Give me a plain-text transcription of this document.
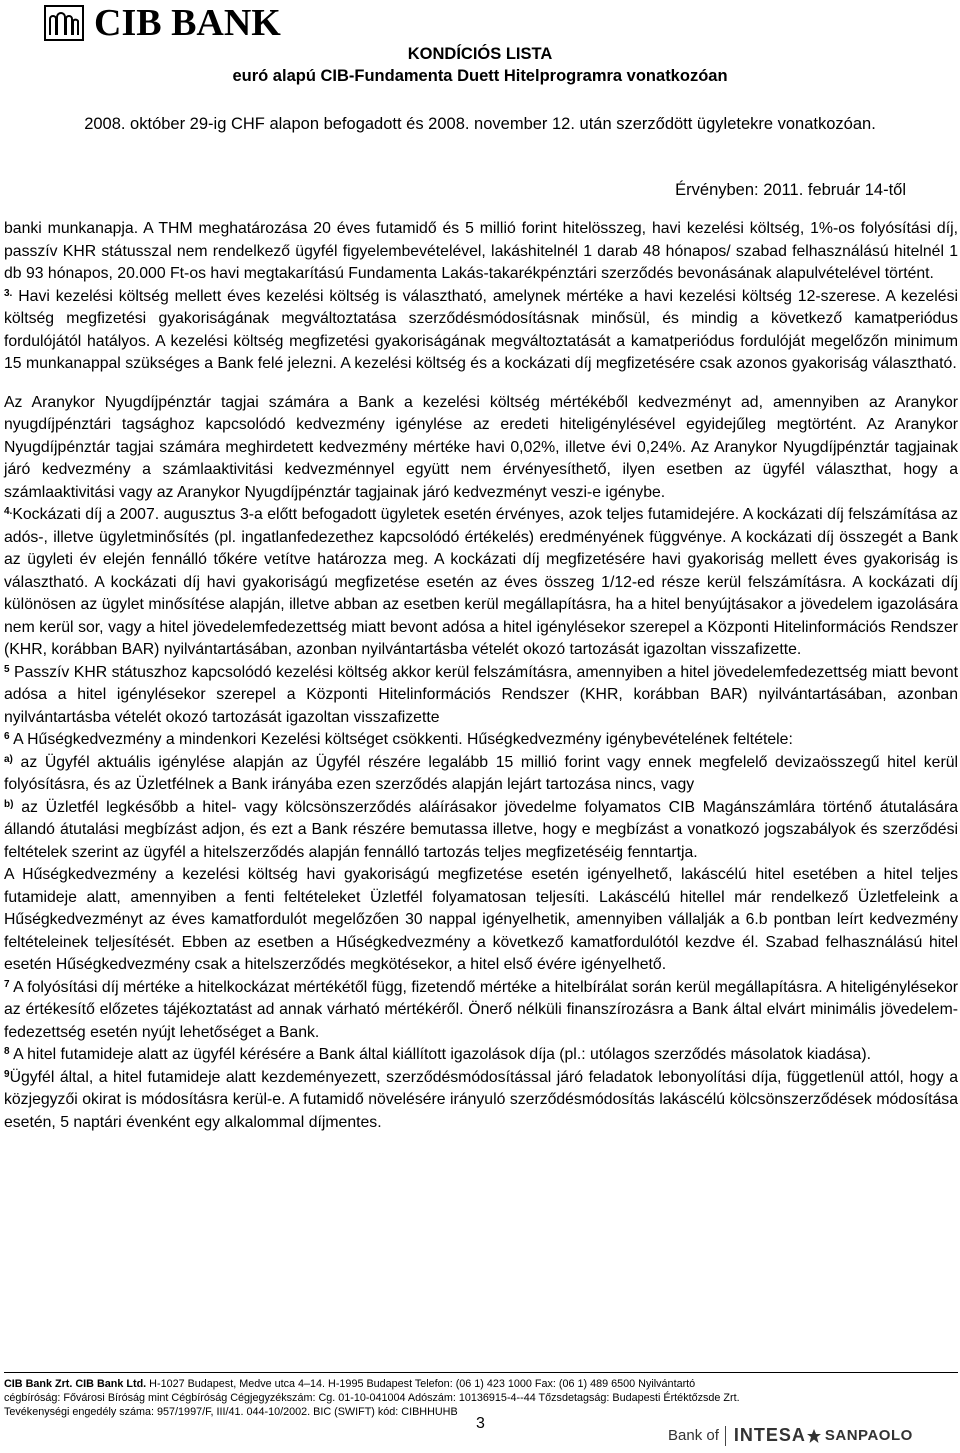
CIB BANK
KONDÍCIÓS LISTA
euró alapú CIB-Fundamenta Duett Hitelprogramra vonatkozóan
2008. október 29-ig CHF alapon befogadott és 2008. november 12. után szerződött ügyletekre vonatkozóan.
Érvényben: 2011. február 14-től

banki munkanapja. A THM meghatározása 20 éves futamidő és 5 millió forint hitelösszeg, havi kezelési költség, 1%-os folyósítási díj, passzív KHR státusszal nem rendelkező ügyfél figyelembevételével, lakáshitelnél 1 darab 48 hónapos/ szabad felhasználású hitelnél 1 db 93 hónapos, 20.000 Ft-os havi megtakarítású Fundamenta Lakás-takarékpénztári szerződés bevonásának alapulvételével történt.

$^{3.}$ Havi kezelési költség mellett éves kezelési költség is választható, amelynek mértéke a havi kezelési költség 12-szerese. A kezelési költség megfizetési gyakoriságának megváltoztatása szerződésmódosításnak minősül, és mindig a következő kamatperiódus fordulójától hatályos. A kezelési költség megfizetési gyakoriságának megváltoztatását a kamatperiódus fordulóját megelőzőn minimum 15 munkanappal szükséges a Bank felé jelezni. A kezelési költség és a kockázati díj megfizetésére csak azonos gyakoriság választható.

Az Aranykor Nyugdíjpénztár tagjai számára a Bank a kezelési költség mértékéből kedvezményt ad, amennyiben az Aranykor nyugdíjpénztári tagsághoz kapcsolódó kedvezmény igénylése az eredeti hiteligénylésével egyidejűleg megtörtént. Az Aranykor Nyugdíjpénztár tagjai számára meghirdetett kedvezmény mértéke havi 0,02%, illetve évi 0,24%. Az Aranykor Nyugdíjpénztár tagjainak járó kedvezmény a számlaaktivitási kedvezménnyel együtt nem érvényesíthető, ilyen esetben az ügyfél választhat, hogy a számlaaktivitási vagy az Aranykor Nyugdíjpénztár tagjainak járó kedvezményt veszi-e igénybe.

$^{4.}$Kockázati díj a 2007. augusztus 3-a előtt befogadott ügyletek esetén érvényes, azok teljes futamidejére. A kockázati díj felszámítása az adós-, illetve ügyletminősítés (pl. ingatlanfedezethez kapcsolódó értékelés) eredményének függvénye. A kockázati díj összegét a Bank az ügyleti év elején fennálló tőkére vetítve határozza meg. A kockázati díj megfizetésére havi gyakoriság mellett éves gyakoriság is választható. A kockázati díj havi gyakoriságú megfizetése esetén az éves összeg 1/12-ed része kerül felszámításra. A kockázati díj különösen az ügylet minősítése alapján, illetve abban az esetben kerül megállapításra, ha a hitel benyújtásakor a jövedelem igazolására nem kerül sor, vagy a hitel jövedelemfedezettség miatt bevont adósa a hitel igénylésekor szerepel a Központi Hitelinformációs Rendszer (KHR, korábban BAR) nyilvántartásában, azonban nyilvántartásba vételét okozó tartozását igazoltan visszafizette.

$^5$ Passzív KHR státuszhoz kapcsolódó kezelési költség akkor kerül felszámításra, amennyiben a hitel jövedelemfedezettség miatt bevont adósa a hitel igénylésekor szerepel a Központi Hitelinformációs Rendszer (KHR, korábban BAR) nyilvántartásában, azonban nyilvántartásba vételét okozó tartozását igazoltan visszafizette

$^6$ A Hűségkedvezmény a mindenkori Kezelési költséget csökkenti. Hűségkedvezmény igénybevételének feltétele:

$^{a)}$ az Ügyfél aktuális igénylése alapján az Ügyfél részére legalább 15 millió forint vagy ennek megfelelő devizaösszegű hitel kerül folyósításra, és az Üzletfélnek a Bank irányába ezen szerződés alapján lejárt tartozása nincs, vagy

$^{b)}$ az Üzletfél legkésőbb a hitel- vagy kölcsönszerződés aláírásakor jövedelme folyamatos CIB Magánszámlára történő átutalására állandó átutalási megbízást adjon, és ezt a Bank részére bemutassa illetve, hogy e megbízást a vonatkozó jogszabályok és szerződési feltételek szerint az ügyfél a hitelszerződés alapján fennálló tartozás teljes megfizetéséig fenntartja.

A Hűségkedvezmény a kezelési költség havi gyakoriságú megfizetése esetén igényelhető, lakáscélú hitel esetében a hitel teljes futamideje alatt, amennyiben a fenti feltételeket Üzletfél folyamatosan teljesíti. Lakáscélú hitellel már rendelkező Üzletfeleink a Hűségkedvezményt az éves kamatfordulót megelőzően 30 nappal igényelhetik, amennyiben vállalják a 6.b pontban leírt kedvezmény feltételeinek teljesítését. Ebben az esetben a Hűségkedvezmény a következő kamatfordulótól kezdve él. Szabad felhasználású hitel esetén Hűségkedvezmény csak a hitelszerződés megkötésekor, a hitel első évére igényelhető.

$^7$ A folyósítási díj mértéke a hitelkockázat mértékétől függ, fizetendő mértéke a hitelbírálat során kerül megállapításra. A hiteligénylésekor az értékesítő előzetes tájékoztatást ad annak várható mértékéről. Önerő nélküli finanszírozásra a Bank által elvárt minimális jövedelem-fedezettség esetén nyújt lehetőséget a Bank.

$^8$ A hitel futamideje alatt az ügyfél kérésére a Bank által kiállított igazolások díja (pl.: utólagos szerződés másolatok kiadása).

$^9$Ügyfél által, a hitel futamideje alatt kezdeményezett, szerződésmódosítással járó feladatok lebonyolítási díja, függetlenül attól, hogy a közjegyzői okirat is módosításra kerül-e. A futamidő növelésére irányuló szerződésmódosítás lakáscélú kölcsönszerződések módosítása esetén, 5 naptári évenként egy alkalommal díjmentes.

CIB Bank Zrt. CIB Bank Ltd. H-1027 Budapest, Medve utca 4–14. H-1995 Budapest Telefon: (06 1) 423 1000 Fax: (06 1) 489 6500 Nyilvántartó
cégbíróság: Fővárosi Bíróság mint Cégbíróság Cégjegyzékszám: Cg. 01-10-041004 Adószám: 10136915-4--44 Tőzsdetagság: Budapesti Értéktőzsde Zrt.
Tevékenységi engedély száma: 957/1997/F, III/41. 044-10/2002. BIC (SWIFT) kód: CIBHHUHB
3
Bank of INTESA SANPAOLO
